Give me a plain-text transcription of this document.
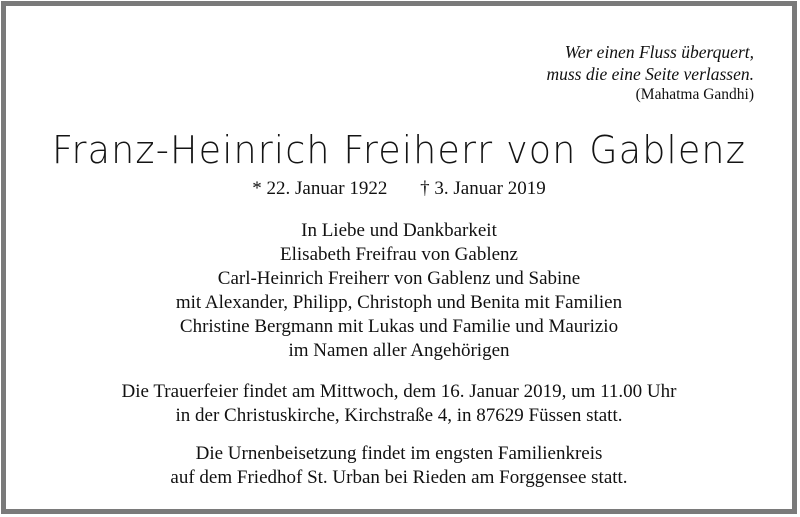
Wer einen Fluss überquert,
muss die eine Seite verlassen.
(Mahatma Gandhi)
Franz-Heinrich Freiherr von Gablenz
* 22. Januar 1922 † 3. Januar 2019
In Liebe und Dankbarkeit
Elisabeth Freifrau von Gablenz
Carl-Heinrich Freiherr von Gablenz und Sabine
mit Alexander, Philipp, Christoph und Benita mit Familien
Christine Bergmann mit Lukas und Familie und Maurizio
im Namen aller Angehörigen
Die Trauerfeier findet am Mittwoch, dem 16. Januar 2019, um 11.00 Uhr
in der Christuskirche, Kirchstraße 4, in 87629 Füssen statt.
Die Urnenbeisetzung findet im engsten Familienkreis
auf dem Friedhof St. Urban bei Rieden am Forggensee statt.
